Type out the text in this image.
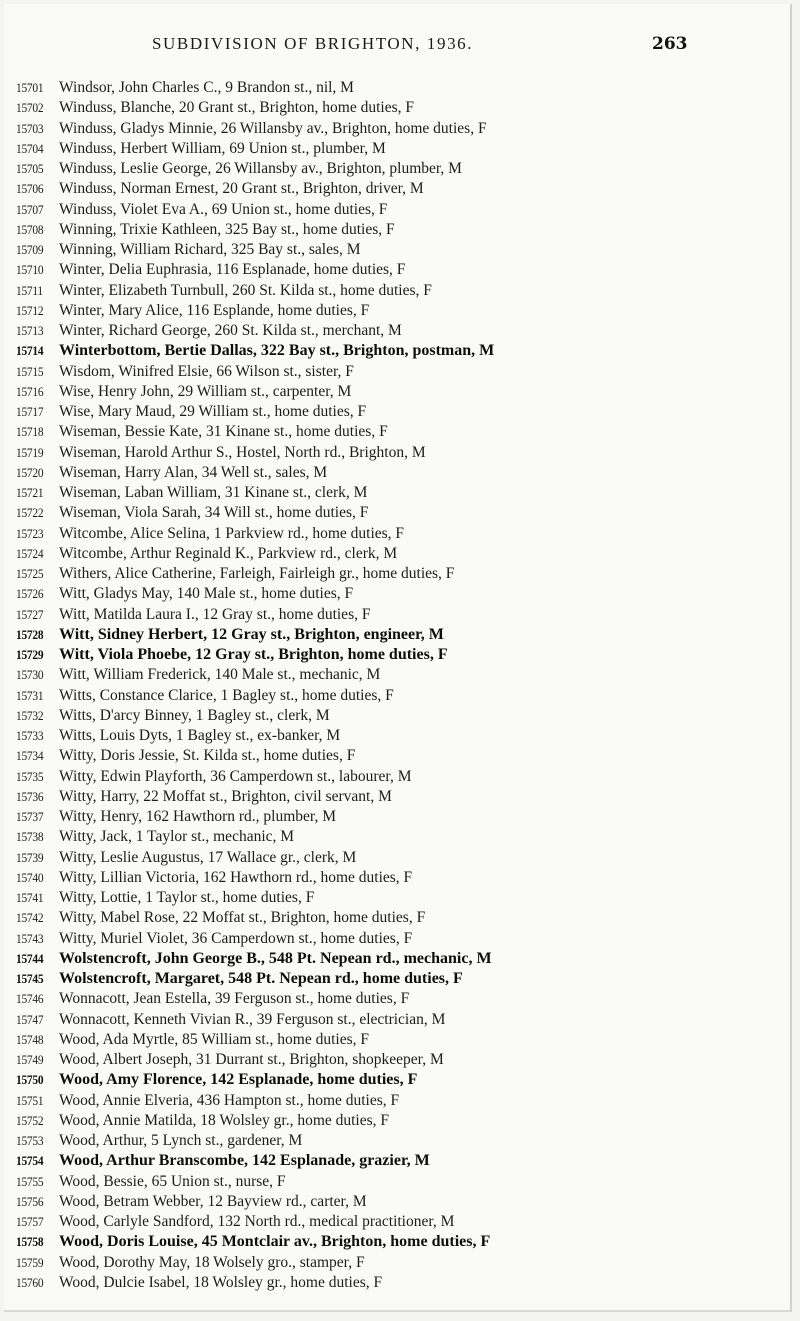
SUBDIVISION OF BRIGHTON, 1936.	263
15701 Windsor, John Charles C., 9 Brandon st., nil, M
15702 Winduss, Blanche, 20 Grant st., Brighton, home duties, F
15703 Winduss, Gladys Minnie, 26 Willansby av., Brighton, home duties, F
15704 Winduss, Herbert William, 69 Union st., plumber, M
15705 Winduss, Leslie George, 26 Willansby av., Brighton, plumber, M
15706 Winduss, Norman Ernest, 20 Grant st., Brighton, driver, M
15707 Winduss, Violet Eva A., 69 Union st., home duties, F
15708 Winning, Trixie Kathleen, 325 Bay st., home duties, F
15709 Winning, William Richard, 325 Bay st., sales, M
15710 Winter, Delia Euphrasia, 116 Esplanade, home duties, F
15711 Winter, Elizabeth Turnbull, 260 St. Kilda st., home duties, F
15712 Winter, Mary Alice, 116 Esplande, home duties, F
15713 Winter, Richard George, 260 St. Kilda st., merchant, M
15714 Winterbottom, Bertie Dallas, 322 Bay st., Brighton, postman, M
15715 Wisdom, Winifred Elsie, 66 Wilson st., sister, F
15716 Wise, Henry John, 29 William st., carpenter, M
15717 Wise, Mary Maud, 29 William st., home duties, F
15718 Wiseman, Bessie Kate, 31 Kinane st., home duties, F
15719 Wiseman, Harold Arthur S., Hostel, North rd., Brighton, M
15720 Wiseman, Harry Alan, 34 Well st., sales, M
15721 Wiseman, Laban William, 31 Kinane st., clerk, M
15722 Wiseman, Viola Sarah, 34 Will st., home duties, F
15723 Witcombe, Alice Selina, 1 Parkview rd., home duties, F
15724 Witcombe, Arthur Reginald K., Parkview rd., clerk, M
15725 Withers, Alice Catherine, Farleigh, Fairleigh gr., home duties, F
15726 Witt, Gladys May, 140 Male st., home duties, F
15727 Witt, Matilda Laura I., 12 Gray st., home duties, F
15728 Witt, Sidney Herbert, 12 Gray st., Brighton, engineer, M
15729 Witt, Viola Phoebe, 12 Gray st., Brighton, home duties, F
15730 Witt, William Frederick, 140 Male st., mechanic, M
15731 Witts, Constance Clarice, 1 Bagley st., home duties, F
15732 Witts, D'arcy Binney, 1 Bagley st., clerk, M
15733 Witts, Louis Dyts, 1 Bagley st., ex-banker, M
15734 Witty, Doris Jessie, St. Kilda st., home duties, F
15735 Witty, Edwin Playforth, 36 Camperdown st., labourer, M
15736 Witty, Harry, 22 Moffat st., Brighton, civil servant, M
15737 Witty, Henry, 162 Hawthorn rd., plumber, M
15738 Witty, Jack, 1 Taylor st., mechanic, M
15739 Witty, Leslie Augustus, 17 Wallace gr., clerk, M
15740 Witty, Lillian Victoria, 162 Hawthorn rd., home duties, F
15741 Witty, Lottie, 1 Taylor st., home duties, F
15742 Witty, Mabel Rose, 22 Moffat st., Brighton, home duties, F
15743 Witty, Muriel Violet, 36 Camperdown st., home duties, F
15744 Wolstencroft, John George B., 548 Pt. Nepean rd., mechanic, M
15745 Wolstencroft, Margaret, 548 Pt. Nepean rd., home duties, F
15746 Wonnacott, Jean Estella, 39 Ferguson st., home duties, F
15747 Wonnacott, Kenneth Vivian R., 39 Ferguson st., electrician, M
15748 Wood, Ada Myrtle, 85 William st., home duties, F
15749 Wood, Albert Joseph, 31 Durrant st., Brighton, shopkeeper, M
15750 Wood, Amy Florence, 142 Esplanade, home duties, F
15751 Wood, Annie Elveria, 436 Hampton st., home duties, F
15752 Wood, Annie Matilda, 18 Wolsley gr., home duties, F
15753 Wood, Arthur, 5 Lynch st., gardener, M
15754 Wood, Arthur Branscombe, 142 Esplanade, grazier, M
15755 Wood, Bessie, 65 Union st., nurse, F
15756 Wood, Betram Webber, 12 Bayview rd., carter, M
15757 Wood, Carlyle Sandford, 132 North rd., medical practitioner, M
15758 Wood, Doris Louise, 45 Montclair av., Brighton, home duties, F
15759 Wood, Dorothy May, 18 Wolsely gro., stamper, F
15760 Wood, Dulcie Isabel, 18 Wolsley gr., home duties, F
